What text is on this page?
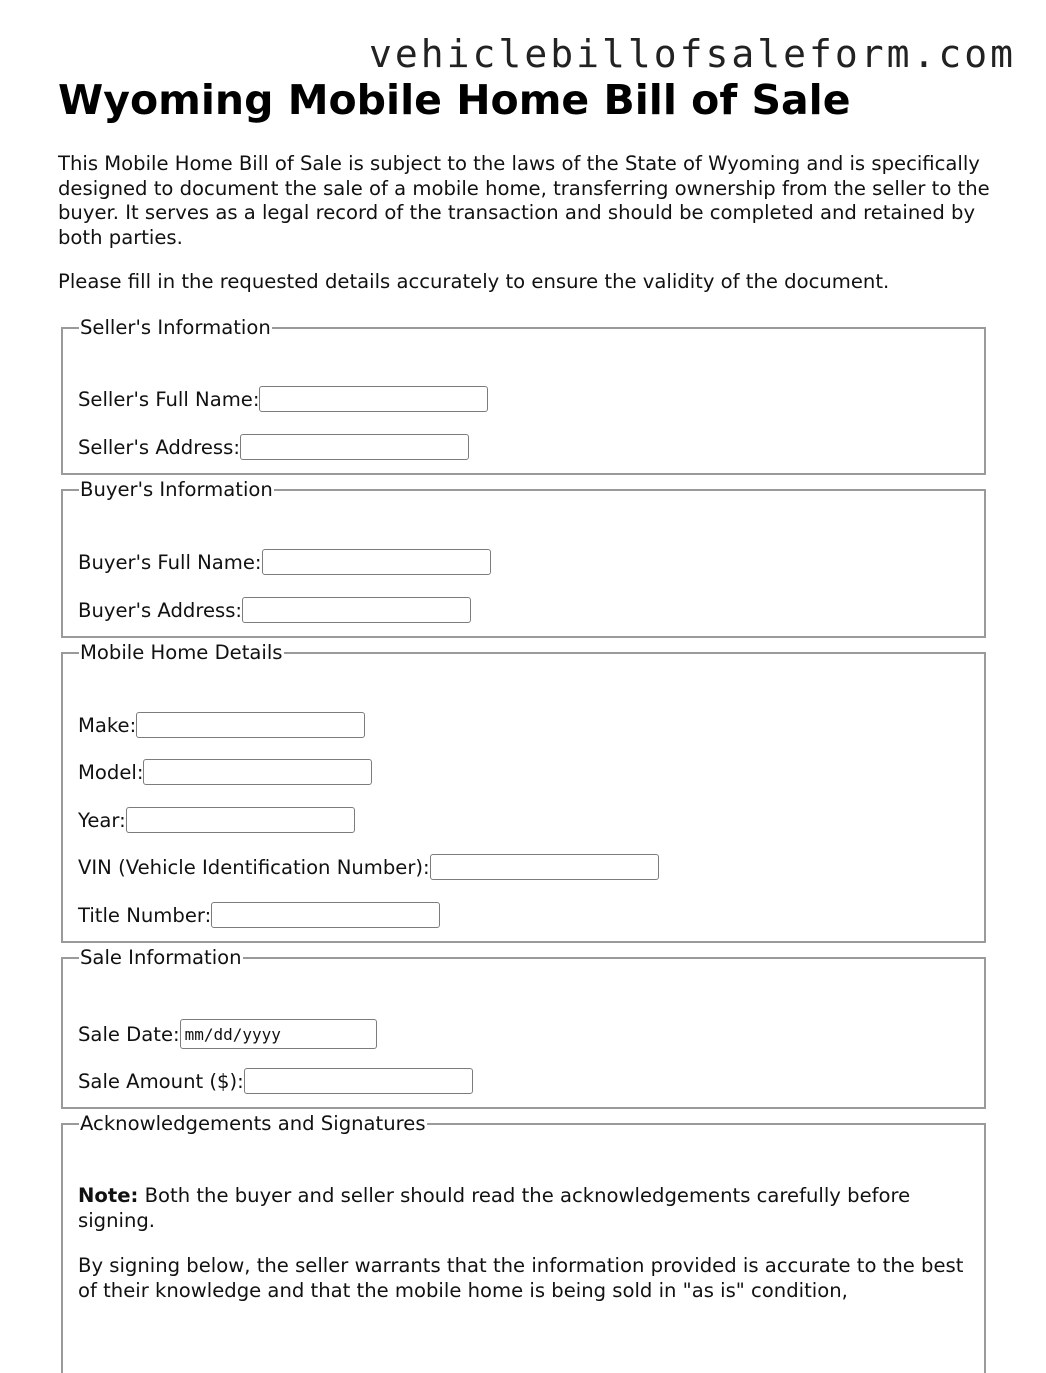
vehiclebillofsaleform.com

Wyoming Mobile Home Bill of Sale

This Mobile Home Bill of Sale is subject to the laws of the State of Wyoming and is specifically designed to document the sale of a mobile home, transferring ownership from the seller to the buyer. It serves as a legal record of the transaction and should be completed and retained by both parties.

Please fill in the requested details accurately to ensure the validity of the document.

Seller's Information
Seller's Full Name:
Seller's Address:
Buyer's Information
Buyer's Full Name:
Buyer's Address:
Mobile Home Details
Make:
Model:
Year:
VIN (Vehicle Identification Number):
Title Number:
Sale Information
Sale Date:
mm/dd/yyyy
Sale Amount ($):
Acknowledgements and Signatures

Note: Both the buyer and seller should read the acknowledgements carefully before signing.

By signing below, the seller warrants that the information provided is accurate to the best of their knowledge and that the mobile home is being sold in "as is" condition,
